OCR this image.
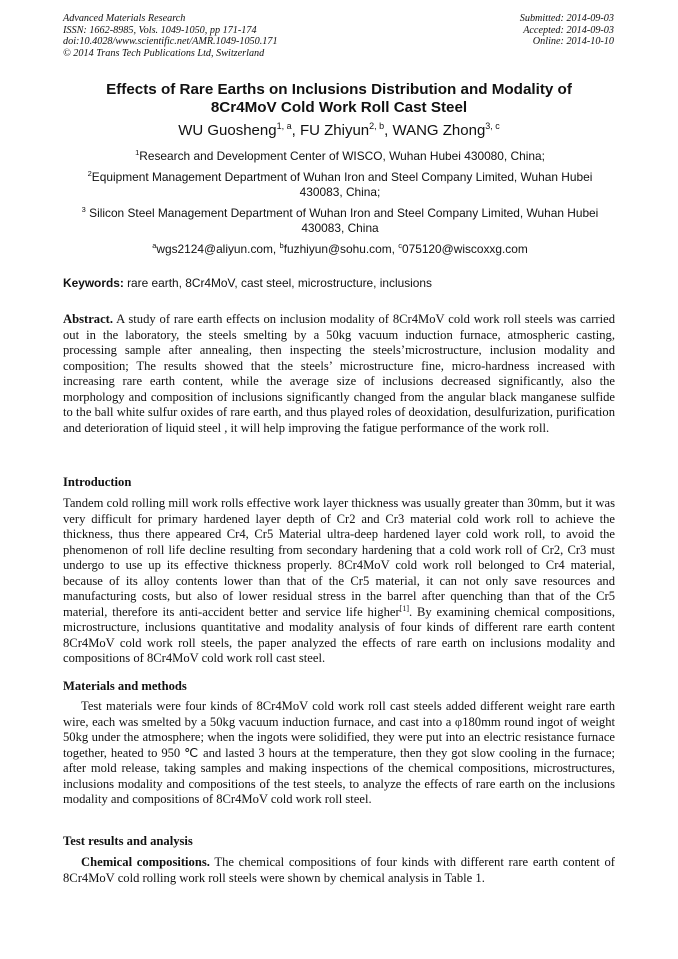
Advanced Materials Research
ISSN: 1662-8985, Vols. 1049-1050, pp 171-174
doi:10.4028/www.scientific.net/AMR.1049-1050.171
© 2014 Trans Tech Publications Ltd, Switzerland
Submitted: 2014-09-03
Accepted: 2014-09-03
Online: 2014-10-10
Effects of Rare Earths on Inclusions Distribution and Modality of
8Cr4MoV Cold Work Roll Cast Steel
WU Guosheng$^{1, a}$, FU Zhiyun$^{2, b}$, WANG Zhong$^{3, c}$
$^1$Research and Development Center of WISCO, Wuhan Hubei 430080, China;
$^2$Equipment Management Department of Wuhan Iron and Steel Company Limited, Wuhan Hubei 430083, China;
$^3$ Silicon Steel Management Department of Wuhan Iron and Steel Company Limited, Wuhan Hubei 430083, China
$^a$wgs2124@aliyun.com, $^b$fuzhiyun@sohu.com, $^c$075120@wiscoxxg.com
Keywords: rare earth, 8Cr4MoV, cast steel, microstructure, inclusions
Abstract. A study of rare earth effects on inclusion modality of 8Cr4MoV cold work roll steels was carried out in the laboratory, the steels smelting by a 50kg vacuum induction furnace, atmospheric casting, processing sample after annealing, then inspecting the steels’microstructure, inclusion modality and composition; The results showed that the steels’ microstructure fine, micro-hardness increased with increasing rare earth content, while the average size of inclusions decreased significantly, also the morphology and composition of inclusions significantly changed from the angular black manganese sulfide to the ball white sulfur oxides of rare earth, and thus played roles of deoxidation, desulfurization, purification and deterioration of liquid steel , it will help improving the fatigue performance of the work roll.
Introduction
Tandem cold rolling mill work rolls effective work layer thickness was usually greater than 30mm, but it was very difficult for primary hardened layer depth of Cr2 and Cr3 material cold work roll to achieve the thickness, thus there appeared Cr4, Cr5 Material ultra-deep hardened layer cold work roll, to avoid the phenomenon of roll life decline resulting from secondary hardening that a cold work roll of Cr2, Cr3 must undergo to use up its effective thickness properly. 8Cr4MoV cold work roll belonged to Cr4 material, because of its alloy contents lower than that of the Cr5 material, it can not only save resources and manufacturing costs, but also of lower residual stress in the barrel after quenching than that of the Cr5 material, therefore its anti-accident better and service life higher[1]. By examining chemical compositions, microstructure, inclusions quantitative and modality analysis of four kinds of different rare earth content 8Cr4MoV cold work roll steels, the paper analyzed the effects of rare earth on inclusions modality and compositions of 8Cr4MoV cold work roll cast steel.
Materials and methods
Test materials were four kinds of 8Cr4MoV cold work roll cast steels added different weight rare earth wire, each was smelted by a 50kg vacuum induction furnace, and cast into a φ180mm round ingot of weight 50kg under the atmosphere; when the ingots were solidified, they were put into an electric resistance furnace together, heated to 950 ℃ and lasted 3 hours at the temperature, then they got slow cooling in the furnace; after mold release, taking samples and making inspections of the chemical compositions, microstructures, inclusions modality and compositions of the test steels, to analyze the effects of rare earth on the inclusions modality and compositions of 8Cr4MoV cold work roll steel.
Test results and analysis
Chemical compositions. The chemical compositions of four kinds with different rare earth content of 8Cr4MoV cold rolling work roll steels were shown by chemical analysis in Table 1.
